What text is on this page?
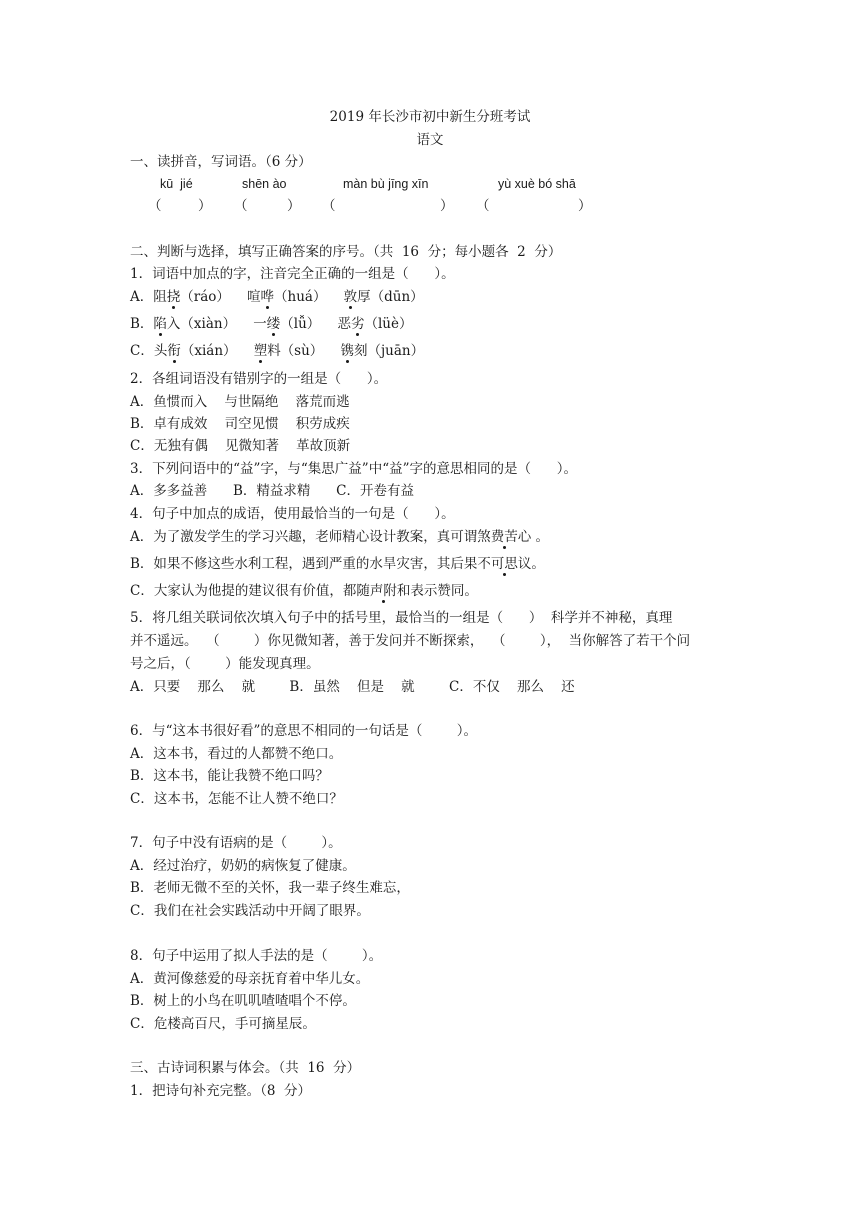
2019 年长沙市初中新生分班考试
语文
一、读拼音，写词语。（6 分）
kū  jié	shēn ào	màn bù jīng xīn	yù xuè bó shā
（	） （	） （	） （	）
二、判断与选择，填写正确答案的序号。（共  16  分；每小题各  2  分）
1．词语中加点的字，注音完全正确的一组是（      ）。
A．阻挠（ráo）    喧哗（huá）    敦厚（dūn）
B．陷入（xiàn）    一缕（lǚ）    恶劣（lüè）
C．头衔（xián）    塑料（sù）    镌刻（juān）
2．各组词语没有错别字的一组是（      ）。
A．鱼惯而入    与世隔绝    落荒而逃
B．卓有成效    司空见惯    积劳成疾
C．无独有偶    见微知著    革故顶新
3．下列问语中的“益”字，与“集思广益”中“益”字的意思相同的是（      ）。
A．多多益善      B．精益求精      C．开卷有益
4．句子中加点的成语，使用最恰当的一句是（      ）。
A．为了激发学生的学习兴趣，老师精心设计教案，真可谓煞费苦心 。
B．如果不修这些水利工程，遇到严重的水旱灾害，其后果不可思议。
C．大家认为他提的建议很有价值，都随声附和表示赞同。
5．将几组关联词依次填入句子中的括号里，最恰当的一组是（      ）  科学并不神秘，真理
并不遥远。  （        ）你见微知著，善于发问并不断探索，  （        ），  当你解答了若干个问
号之后，（        ）能发现真理。
A．只要    那么    就        B．虽然    但是    就        C．不仅    那么    还
6．与“这本书很好看”的意思不相同的一句话是（        ）。
A．这本书，看过的人都赞不绝口。
B．这本书，能让我赞不绝口吗？
C．这本书，怎能不让人赞不绝口？
7．句子中没有语病的是（        ）。
A．经过治疗，奶奶的病恢复了健康。
B．老师无微不至的关怀，我一辈子终生难忘，
C．我们在社会实践活动中开阔了眼界。
8．句子中运用了拟人手法的是（        ）。
A．黄河像慈爱的母亲抚育着中华儿女。
B．树上的小鸟在叽叽喳喳唱个不停。
C．危楼高百尺，手可摘星辰。
三、古诗词积累与体会。（共  16  分）
1．把诗句补充完整。（8  分）
